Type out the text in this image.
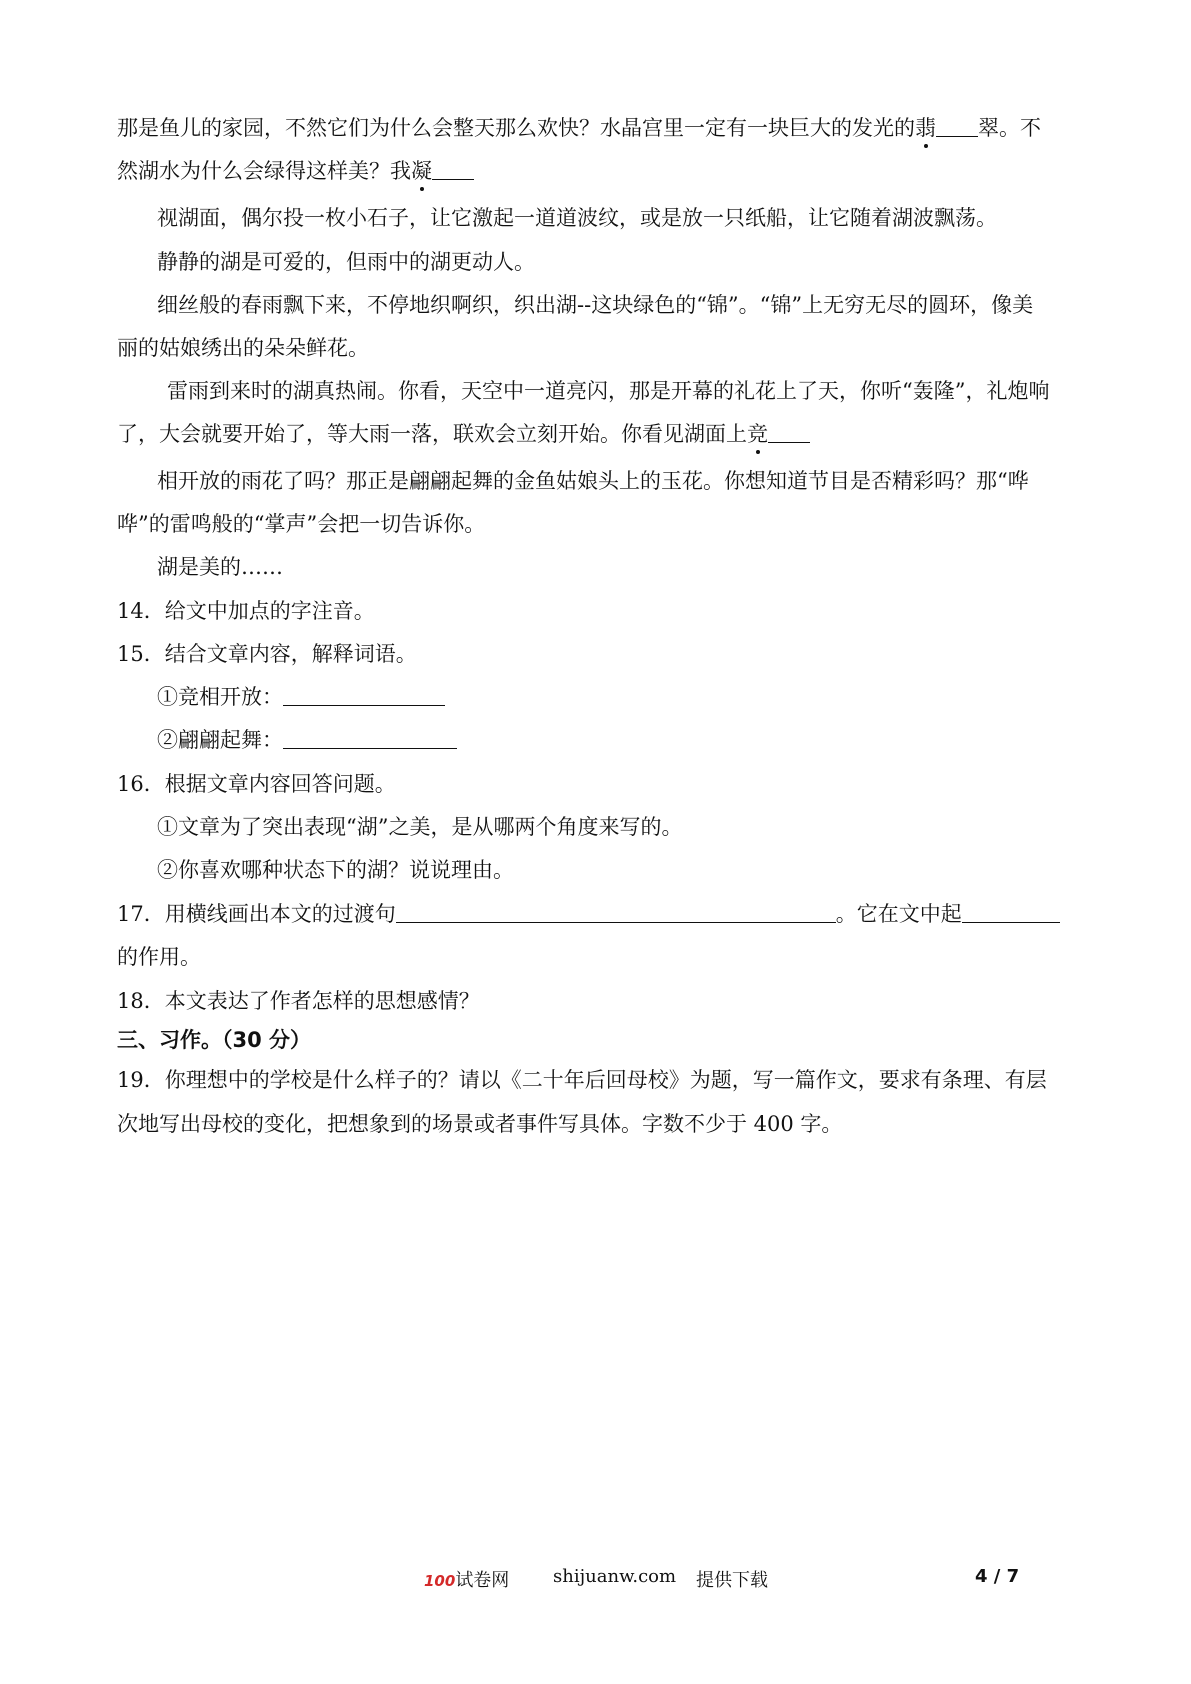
那是鱼儿的家园，不然它们为什么会整天那么欢快？水晶宫里一定有一块巨大的发光的翡 翠。不
然湖水为什么会绿得这样美？我凝
视湖面，偶尔投一枚小石子，让它激起一道道波纹，或是放一只纸船，让它随着湖波飘荡。
静静的湖是可爱的，但雨中的湖更动人。
细丝般的春雨飘下来，不停地织啊织，织出湖--这块绿色的“锦”。“锦”上无穷无尽的圆环，像美
丽的姑娘绣出的朵朵鲜花。
雷雨到来时的湖真热闹。你看，天空中一道亮闪，那是开幕的礼花上了天，你听“轰隆”，礼炮响
了，大会就要开始了，等大雨一落，联欢会立刻开始。你看见湖面上竞
相开放的雨花了吗？那正是翩翩起舞的金鱼姑娘头上的玉花。你想知道节目是否精彩吗？那“哗
哗”的雷鸣般的“掌声”会把一切告诉你。
湖是美的……
14．给文中加点的字注音。
15．结合文章内容，解释词语。
①竞相开放：
②翩翩起舞：
16．根据文章内容回答问题。
①文章为了突出表现“湖”之美，是从哪两个角度来写的。
②你喜欢哪种状态下的湖？说说理由。
17．用横线画出本文的过渡句	。它在文中起
的作用。
18．本文表达了作者怎样的思想感情？
三、习作。（30 分）
19．你理想中的学校是什么样子的？请以《二十年后回母校》为题，写一篇作文，要求有条理、有层
次地写出母校的变化，把想象到的场景或者事件写具体。字数不少于 400 字。
100试卷网 shijuanw.com 提供下载	4 / 7
